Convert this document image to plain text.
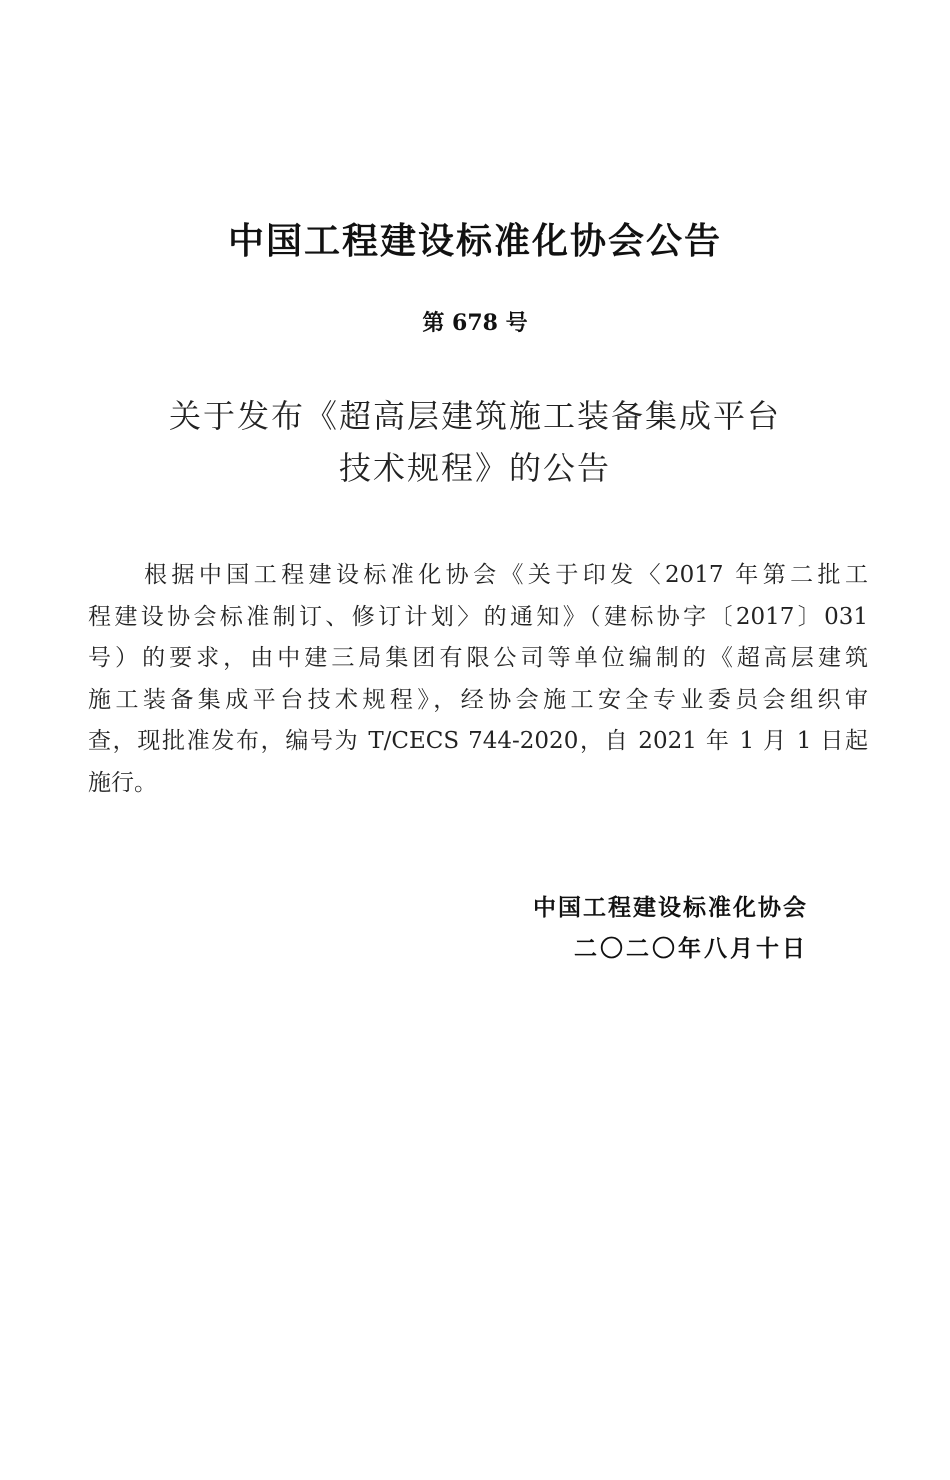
中国工程建设标准化协会公告
第 678 号
关于发布《超高层建筑施工装备集成平台
技术规程》的公告
根据中国工程建设标准化协会《关于印发〈2017 年第二批工
程建设协会标准制订、修订计划〉的通知》（建标协字〔2017〕031
号）的要求，由中建三局集团有限公司等单位编制的《超高层建筑
施工装备集成平台技术规程》，经协会施工安全专业委员会组织审
查，现批准发布，编号为 T/CECS 744-2020，自 2021 年 1 月 1 日起
施行。
中国工程建设标准化协会
二〇二〇年八月十日
